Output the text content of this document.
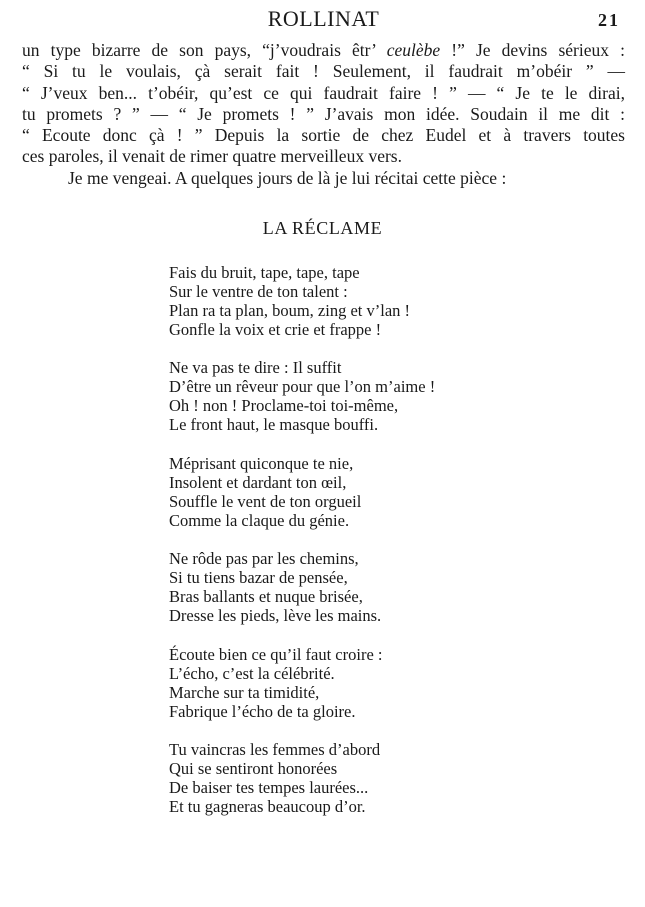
ROLLINAT	21
un type bizarre de son pays, “j’voudrais êtr’ ceulèbe !” Je devins sérieux :
“ Si tu le voulais, çà serait fait ! Seulement, il faudrait m’obéir ” —
“ J’veux ben... t’obéir, qu’est ce qui faudrait faire ! ” — “ Je te le dirai,
tu promets ? ” — “ Je promets ! ” J’avais mon idée. Soudain il me dit :
“ Ecoute donc çà ! ” Depuis la sortie de chez Eudel et à travers toutes
ces paroles, il venait de rimer quatre merveilleux vers.
Je me vengeai. A quelques jours de là je lui récitai cette pièce :
LA RÉCLAME
Fais du bruit, tape, tape, tape
Sur le ventre de ton talent :
Plan ra ta plan, boum, zing et v’lan !
Gonfle la voix et crie et frappe !
Ne va pas te dire : Il suffit
D’être un rêveur pour que l’on m’aime !
Oh ! non ! Proclame-toi toi-même,
Le front haut, le masque bouffi.
Méprisant quiconque te nie,
Insolent et dardant ton œil,
Souffle le vent de ton orgueil
Comme la claque du génie.
Ne rôde pas par les chemins,
Si tu tiens bazar de pensée,
Bras ballants et nuque brisée,
Dresse les pieds, lève les mains.
Écoute bien ce qu’il faut croire :
L’écho, c’est la célébrité.
Marche sur ta timidité,
Fabrique l’écho de ta gloire.
Tu vaincras les femmes d’abord
Qui se sentiront honorées
De baiser tes tempes laurées...
Et tu gagneras beaucoup d’or.
